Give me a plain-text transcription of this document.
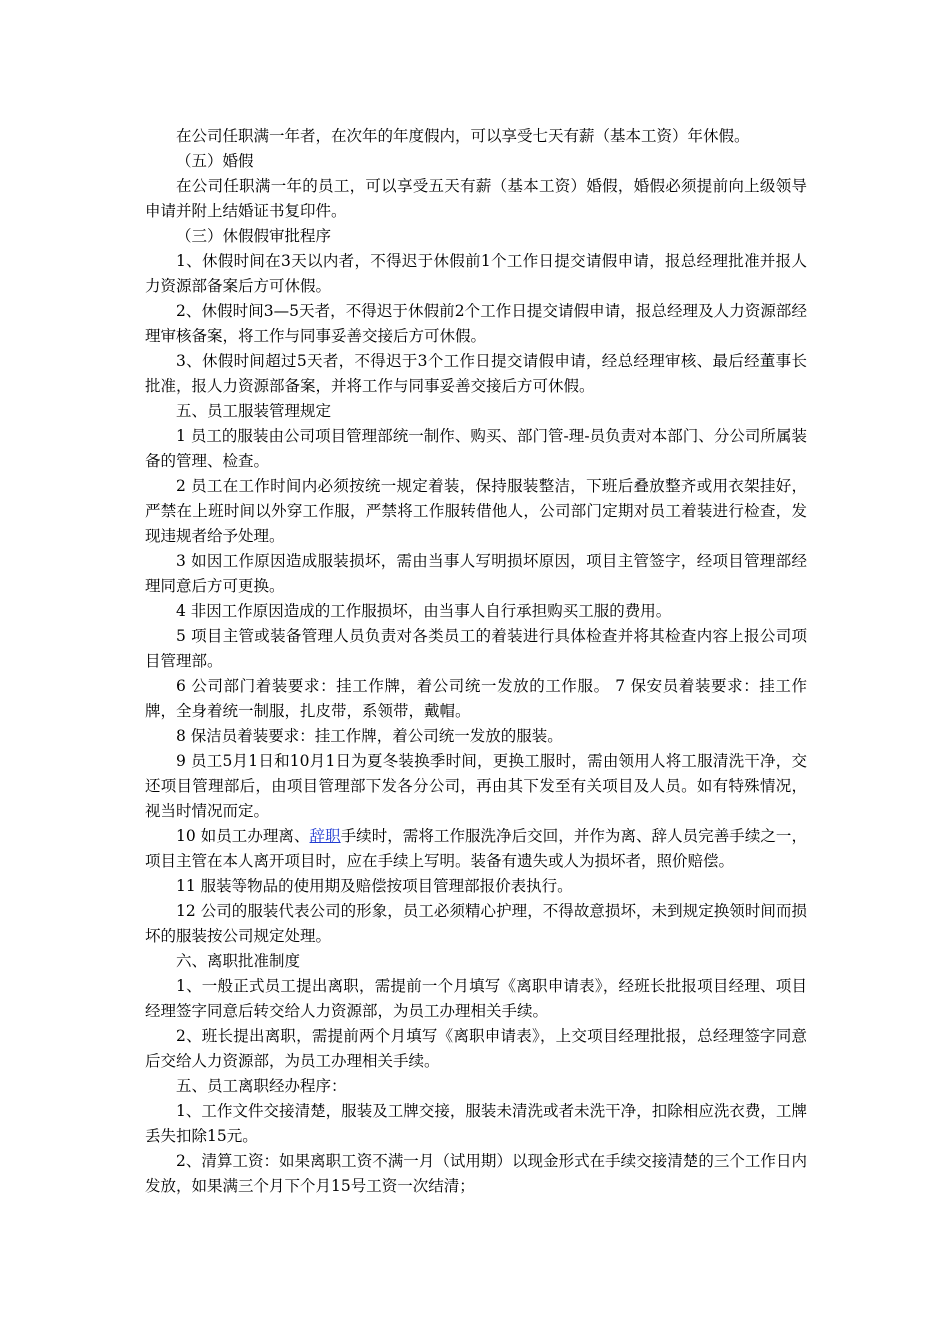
在公司任职满一年者，在次年的年度假内，可以享受七天有薪（基本工资）年休假。

（五）婚假

在公司任职满一年的员工，可以享受五天有薪（基本工资）婚假，婚假必须提前向上级领导申请并附上结婚证书复印件。

（三）休假假审批程序

1、休假时间在3天以内者，不得迟于休假前1个工作日提交请假申请，报总经理批准并报人力资源部备案后方可休假。

2、休假时间3—5天者，不得迟于休假前2个工作日提交请假申请，报总经理及人力资源部经理审核备案，将工作与同事妥善交接后方可休假。

3、休假时间超过5天者，不得迟于3个工作日提交请假申请，经总经理审核、最后经董事长批准，报人力资源部备案，并将工作与同事妥善交接后方可休假。

五、员工服装管理规定

1 员工的服装由公司项目管理部统一制作、购买、部门管-理-员负责对本部门、分公司所属装备的管理、检查。

2 员工在工作时间内必须按统一规定着装，保持服装整洁，下班后叠放整齐或用衣架挂好，严禁在上班时间以外穿工作服，严禁将工作服转借他人，公司部门定期对员工着装进行检查，发现违规者给予处理。

3 如因工作原因造成服装损坏，需由当事人写明损坏原因，项目主管签字，经项目管理部经理同意后方可更换。

4 非因工作原因造成的工作服损坏，由当事人自行承担购买工服的费用。

5 项目主管或装备管理人员负责对各类员工的着装进行具体检查并将其检查内容上报公司项目管理部。

6 公司部门着装要求：挂工作牌，着公司统一发放的工作服。 7 保安员着装要求：挂工作牌，全身着统一制服，扎皮带，系领带，戴帽。

8 保洁员着装要求：挂工作牌，着公司统一发放的服装。

9 员工5月1日和10月1日为夏冬装换季时间，更换工服时，需由领用人将工服清洗干净，交还项目管理部后，由项目管理部下发各分公司，再由其下发至有关项目及人员。如有特殊情况，视当时情况而定。

10 如员工办理离、辞职手续时，需将工作服洗净后交回，并作为离、辞人员完善手续之一，项目主管在本人离开项目时，应在手续上写明。装备有遗失或人为损坏者，照价赔偿。

11 服装等物品的使用期及赔偿按项目管理部报价表执行。

12 公司的服装代表公司的形象，员工必须精心护理，不得故意损坏，未到规定换领时间而损坏的服装按公司规定处理。

六、离职批准制度

1、一般正式员工提出离职，需提前一个月填写《离职申请表》，经班长批报项目经理、项目经理签字同意后转交给人力资源部，为员工办理相关手续。

2、班长提出离职，需提前两个月填写《离职申请表》，上交项目经理批报，总经理签字同意后交给人力资源部，为员工办理相关手续。

五、员工离职经办程序：

1、工作文件交接清楚，服装及工牌交接，服装未清洗或者未洗干净，扣除相应洗衣费，工牌丢失扣除15元。

2、清算工资：如果离职工资不满一月（试用期）以现金形式在手续交接清楚的三个工作日内发放，如果满三个月下个月15号工资一次结清；
